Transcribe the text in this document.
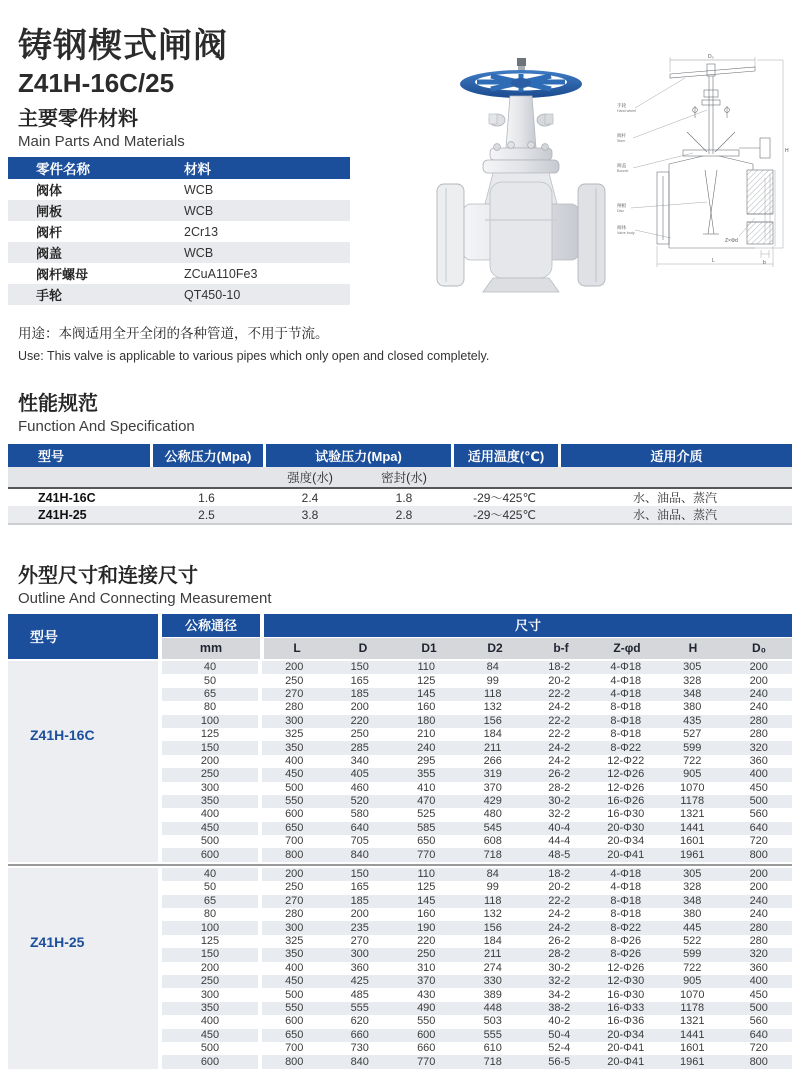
铸钢楔式闸阀
Z41H-16C/25
手轮
Hand wheel
阀杆
Stem
阀盖
Bonnet
闸板
Disc
阀体
Valve body
D₀
H
L
Z×Φd
b
主要零件材料
Main Parts And Materials
零件名称	材料
阀体	WCB
闸板	WCB
阀杆	2Cr13
阀盖	WCB
阀杆螺母	ZCuA110Fe3
手轮	QT450-10
用途：本阀适用全开全闭的各种管道，不用于节流。
Use: This valve is applicable to various pipes which only open and closed completely.
性能规范
Function And Specification
型号	公称压力(Mpa)	试验压力(Mpa)		适用温度(℃)	适用介质
		强度(水)	密封(水)		
Z41H-16C	1.6	2.4	1.8	-29～425℃	水、油品、蒸汽
Z41H-25	2.5	3.8	2.8	-29～425℃	水、油品、蒸汽
外型尺寸和连接尺寸
Outline And Connecting Measurement
型号
公称通径	尺寸
mm	L	D	D1	D2	b-f	Z-φd	H	D₀
Z41H-16C
40	200	150	110	84	18-2	4-Φ18	305	200
50	250	165	125	99	20-2	4-Φ18	328	200
65	270	185	145	118	22-2	4-Φ18	348	240
80	280	200	160	132	24-2	8-Φ18	380	240
100	300	220	180	156	22-2	8-Φ18	435	280
125	325	250	210	184	22-2	8-Φ18	527	280
150	350	285	240	211	24-2	8-Φ22	599	320
200	400	340	295	266	24-2	12-Φ22	722	360
250	450	405	355	319	26-2	12-Φ26	905	400
300	500	460	410	370	28-2	12-Φ26	1070	450
350	550	520	470	429	30-2	16-Φ26	1178	500
400	600	580	525	480	32-2	16-Φ30	1321	560
450	650	640	585	545	40-4	20-Φ30	1441	640
500	700	705	650	608	44-4	20-Φ34	1601	720
600	800	840	770	718	48-5	20-Φ41	1961	800
Z41H-25
40	200	150	110	84	18-2	4-Φ18	305	200
50	250	165	125	99	20-2	4-Φ18	328	200
65	270	185	145	118	22-2	8-Φ18	348	240
80	280	200	160	132	24-2	8-Φ18	380	240
100	300	235	190	156	24-2	8-Φ22	445	280
125	325	270	220	184	26-2	8-Φ26	522	280
150	350	300	250	211	28-2	8-Φ26	599	320
200	400	360	310	274	30-2	12-Φ26	722	360
250	450	425	370	330	32-2	12-Φ30	905	400
300	500	485	430	389	34-2	16-Φ30	1070	450
350	550	555	490	448	38-2	16-Φ33	1178	500
400	600	620	550	503	40-2	16-Φ36	1321	560
450	650	660	600	555	50-4	20-Φ34	1441	640
500	700	730	660	610	52-4	20-Φ41	1601	720
600	800	840	770	718	56-5	20-Φ41	1961	800
